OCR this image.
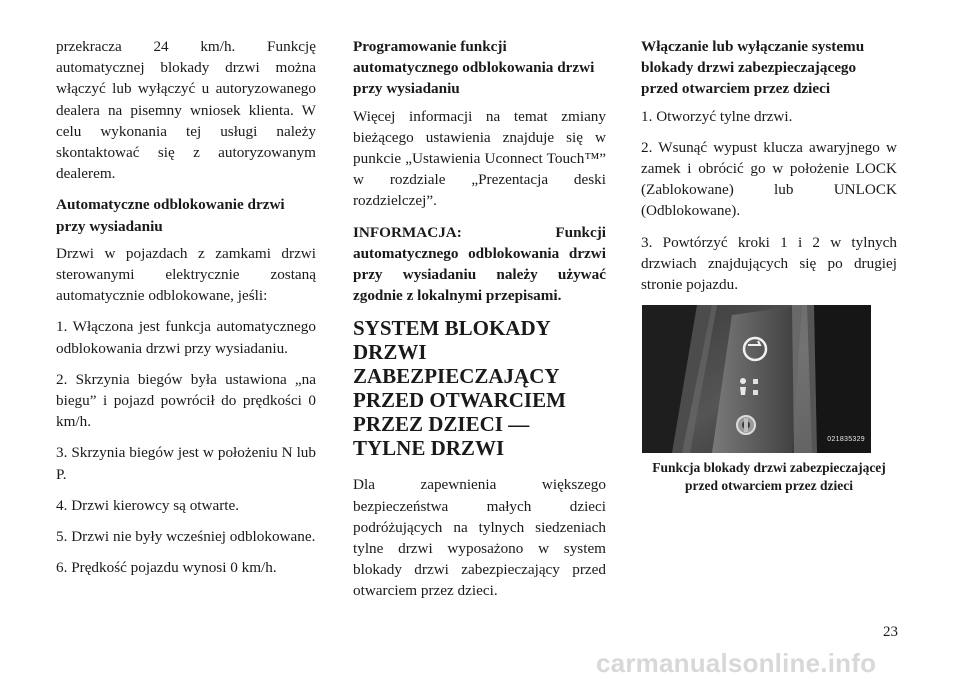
przekracza 24 km/h. Funkcję automatycznej blokady drzwi można włączyć lub wyłączyć u autoryzowanego dealera na pisemny wniosek klienta. W celu wykonania tej usługi należy skontaktować się z autoryzowanym dealerem.

Automatyczne odblokowanie drzwi przy wysiadaniu

Drzwi w pojazdach z zamkami drzwi sterowanymi elektrycznie zostaną automatycznie odblokowane, jeśli:

1. Włączona jest funkcja automatycznego odblokowania drzwi przy wysiadaniu.

2. Skrzynia biegów była ustawiona „na biegu” i pojazd powrócił do prędkości 0 km/h.

3. Skrzynia biegów jest w położeniu N lub P.

4. Drzwi kierowcy są otwarte.

5. Drzwi nie były wcześniej odblokowane.

6. Prędkość pojazdu wynosi 0 km/h.

Programowanie funkcji automatycznego odblokowania drzwi przy wysiadaniu

Więcej informacji na temat zmiany bieżącego ustawienia znajduje się w punkcie „Ustawienia Uconnect Touch™” w rozdziale „Prezentacja deski rozdzielczej”.

INFORMACJA: Funkcji automatycznego odblokowania drzwi przy wysiadaniu należy używać zgodnie z lokalnymi przepisami.

SYSTEM BLOKADY DRZWI ZABEZPIECZAJĄCY PRZED OTWARCIEM PRZEZ DZIECI — TYLNE DRZWI

Dla zapewnienia większego bezpieczeństwa małych dzieci podróżujących na tylnych siedzeniach tylne drzwi wyposażono w system blokady drzwi zabezpieczający przed otwarciem przez dzieci.

Włączanie lub wyłączanie systemu blokady drzwi zabezpieczającego przed otwarciem przez dzieci

1. Otworzyć tylne drzwi.

2. Wsunąć wypust klucza awaryjnego w zamek i obrócić go w położenie LOCK (Zablokowane) lub UNLOCK (Odblokowane).

3. Powtórzyć kroki 1 i 2 w tylnych drzwiach znajdujących się po drugiej stronie pojazdu.

021835329

Funkcja blokady drzwi zabezpieczającej przed otwarciem przez dzieci

23
carmanualsonline.info
